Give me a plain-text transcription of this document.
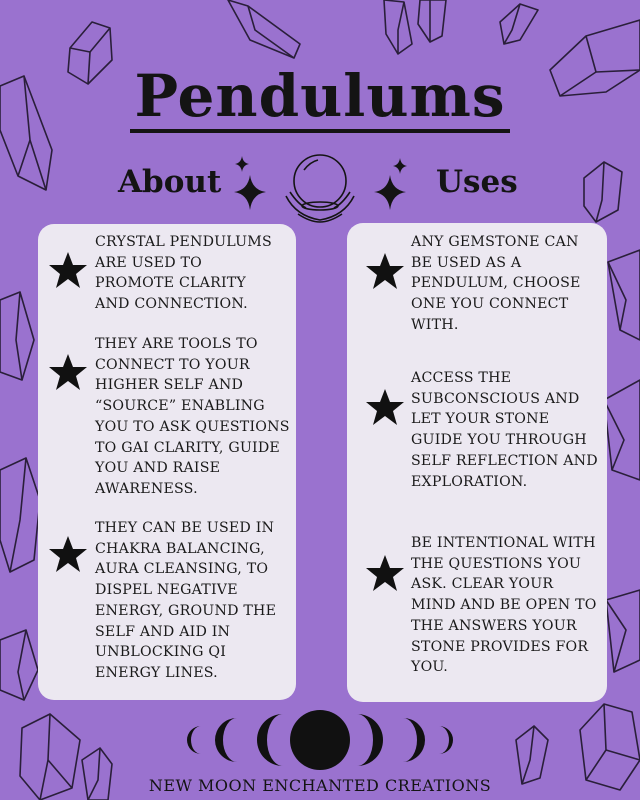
Pendulums
About	Uses
CRYSTAL PENDULUMS ARE USED TO PROMOTE CLARITY AND CONNECTION.
THEY ARE TOOLS TO CONNECT TO YOUR HIGHER SELF AND “SOURCE” ENABLING YOU TO ASK QUESTIONS TO GAI CLARITY, GUIDE YOU AND RAISE AWARENESS.
THEY CAN BE USED IN CHAKRA BALANCING, AURA CLEANSING, TO DISPEL NEGATIVE ENERGY, GROUND THE SELF AND AID IN UNBLOCKING QI ENERGY LINES.
ANY GEMSTONE CAN BE USED AS A PENDULUM, CHOOSE ONE YOU CONNECT WITH.
ACCESS THE SUBCONSCIOUS AND LET YOUR STONE GUIDE YOU THROUGH SELF REFLECTION AND EXPLORATION.
BE INTENTIONAL WITH THE QUESTIONS YOU ASK. CLEAR YOUR MIND AND BE OPEN TO THE ANSWERS YOUR STONE PROVIDES FOR YOU.
NEW MOON ENCHANTED CREATIONS
